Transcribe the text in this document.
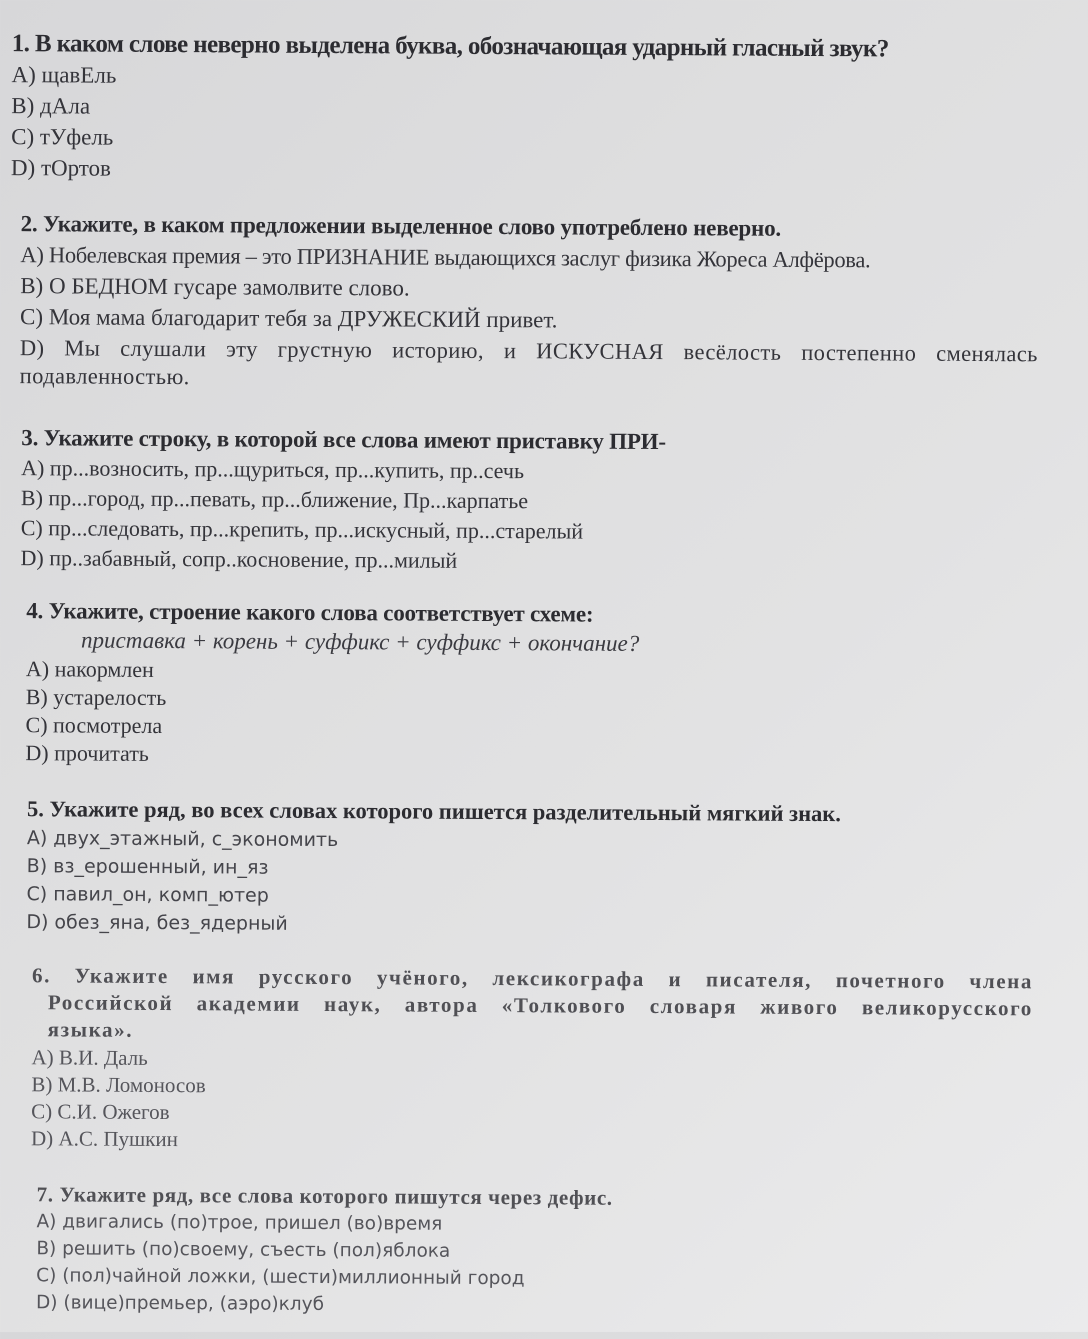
1. В каком слове неверно выделена буква, обозначающая ударный гласный звук?
A) щавЕль
B) дАла
C) тУфель
D) тОртов
2. Укажите, в каком предложении выделенное слово употреблено неверно.
A) Нобелевская премия – это ПРИЗНАНИЕ выдающихся заслуг физика Жореса Алфёрова.
B) О БЕДНОМ гусаре замолвите слово.
C) Моя мама благодарит тебя за ДРУЖЕСКИЙ привет.
D) Мы слушали эту грустную историю, и ИСКУСНАЯ весёлость постепенно сменялась подавленностью.
3. Укажите строку, в которой все слова имеют приставку ПРИ-
A) пр...возносить, пр...щуриться, пр...купить, пр..сечь
B) пр...город, пр...певать, пр...ближение, Пр...карпатье
C) пр...следовать, пр...крепить, пр...искусный, пр...старелый
D) пр..забавный, сопр..косновение, пр...милый
4. Укажите, строение какого слова соответствует схеме:
приставка + корень + суффикс + суффикс + окончание?
A) накормлен
B) устарелость
C) посмотрела
D) прочитать
5. Укажите ряд, во всех словах которого пишется разделительный мягкий знак.
A) двух_этажный, с_экономить
B) вз_ерошенный, ин_яз
C) павил_он, комп_ютер
D) обез_яна, без_ядерный
6. Укажите имя русского учёного, лексикографа и писателя, почетного члена Российской академии наук, автора «Толкового словаря живого великорусского языка».
A) В.И. Даль
B) М.В. Ломоносов
C) С.И. Ожегов
D) А.С. Пушкин
7. Укажите ряд, все слова которого пишутся через дефис.
A) двигались (по)трое, пришел (во)время
B) решить (по)своему, съесть (пол)яблока
C) (пол)чайной ложки, (шести)миллионный город
D) (вице)премьер, (аэро)клуб
